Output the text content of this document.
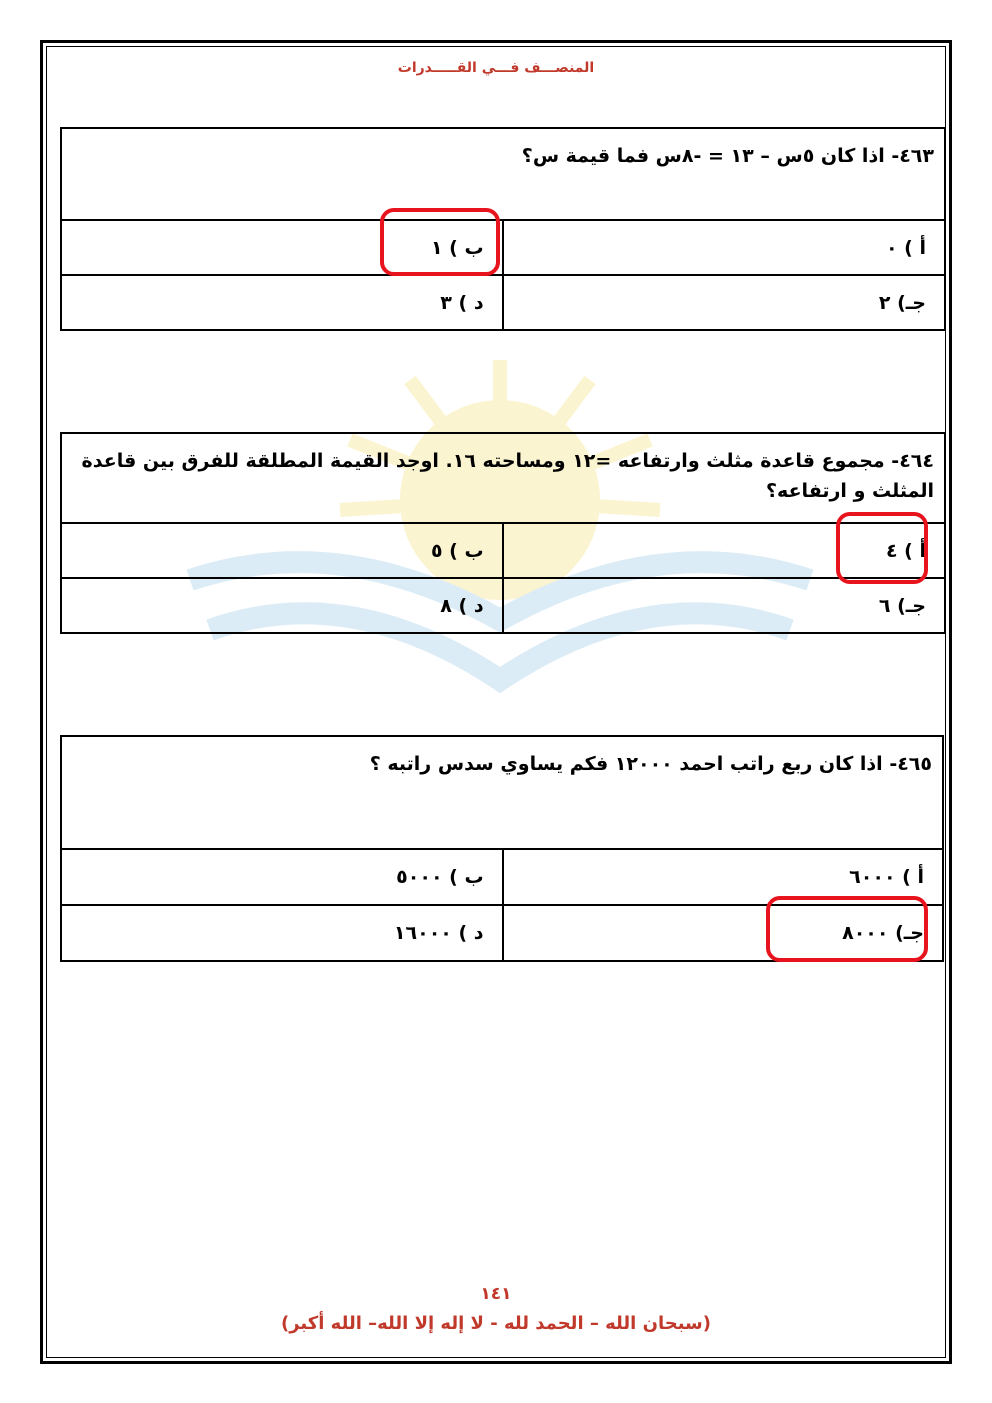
المنصـــف فـــي القـــــدرات
٤٦٣- اذا كان ٥س – ١٣ = -٨س فما قيمة س؟	
أ ) ٠	ب ) ١
جـ) ٢	د ) ٣
٤٦٤- مجموع قاعدة مثلث وارتفاعه =١٢ ومساحته ١٦. اوجد القيمة المطلقة للفرق بين قاعدة المثلث و ارتفاعه؟	
أ ) ٤	ب ) ٥
جـ) ٦	د ) ٨
٤٦٥- اذا كان ربع راتب احمد ١٢٠٠٠ فكم يساوي سدس راتبه ؟	
أ ) ٦٠٠٠	ب ) ٥٠٠٠
جـ) ٨٠٠٠	د ) ١٦٠٠٠
١٤١
(سبحان الله – الحمد لله - لا إله إلا الله– الله أكبر)
